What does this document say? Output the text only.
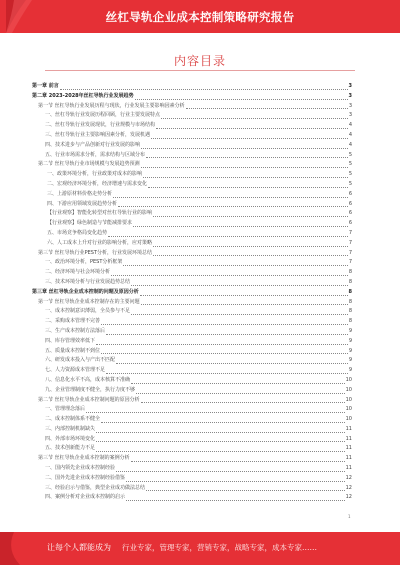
丝杠导轨企业成本控制策略研究报告
内容目录
第一章 前言	3
第二章 2023-2028年丝杠导轨行业发展趋势	3
第一节 丝杠导轨行业发展历程与现状，行业发展主要影响因素分析	3
一、丝杠导轨行业发展历程回顾，行业主要发展特点	3
二、丝杠导轨行业发展现状，行业规模与市场结构	4
三、丝杠导轨行业主要影响因素分析，发展机遇	4
四、技术进步与产品创新对行业发展的影响	4
五、行业市场需求分析，需求结构与区域分布	5
第二节 丝杠导轨行业市场规模与发展趋势预测	5
一、政策环境分析，行业政策对成本的影响	5
二、宏观经济环境分析，经济增速与需求变化	5
三、上游原材料价格走势分析	6
四、下游应用领域发展趋势分析	6
【行业观察】智能化转型对丝杠导轨行业的影响	6
【行业观察】绿色制造与节能减排要求	6
五、市场竞争格局变化趋势	7
六、人工成本上升对行业的影响分析，应对策略	7
第三节 丝杠导轨行业PEST分析，行业发展环境总结	7
一、政治环境分析，PEST分析框架	7
二、经济环境与社会环境分析	8
三、技术环境分析与行业发展趋势总结	8
第三章 丝杠导轨企业成本控制的问题及原因分析	8
第一节 丝杠导轨企业成本控制存在的主要问题	8
一、成本控制意识薄弱，全员参与不足	8
二、采购成本管理不完善	8
三、生产成本控制方法落后	9
四、库存管理效率低下	9
五、质量成本控制不到位	9
六、研发成本投入与产出不匹配	9
七、人力资源成本管理不足	9
八、信息化水平不高，成本核算不准确	10
九、企业管理制度不健全，执行力度不够	10
第二节 丝杠导轨企业成本控制问题的原因分析	10
一、管理理念落后	10
二、成本控制体系不健全	10
三、内部控制机制缺失	11
四、外部市场环境变化	11
五、技术创新能力不足	11
第三节 丝杠导轨企业成本控制的案例分析	11
一、国内领先企业成本控制经验	11
二、国外先进企业成本控制经验借鉴	12
三、经验启示与借鉴，典型企业成功做法总结	12
四、案例分析对企业成本控制的启示	12
1
让每个人都能成为 行业专家，管理专家，营销专家，战略专家，成本专家……
